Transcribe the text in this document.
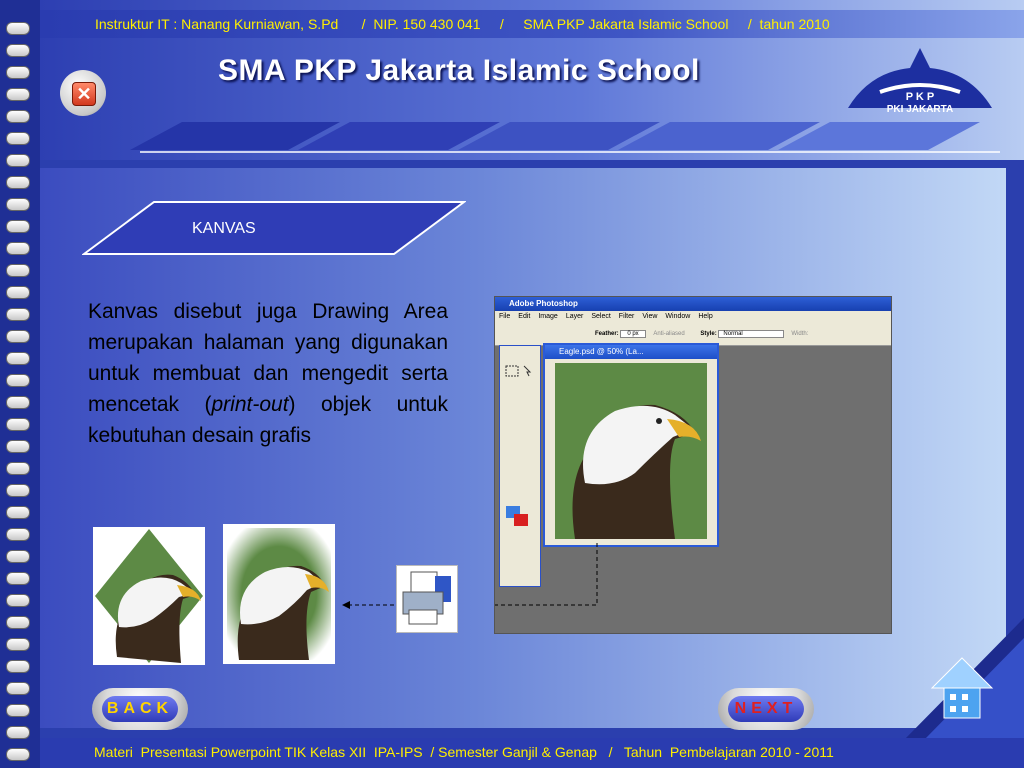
Instruktur IT : Nanang Kurniawan, S.Pd      /  NIP. 150 430 041     /     SMA PKP Jakarta Islamic School     /  tahun 2010
SMA PKP Jakarta Islamic School
✕	P K P
PKI JAKARTA
KANVAS
Kanvas disebut juga Drawing Area merupakan halaman yang digunakan untuk membuat dan mengedit serta mencetak (print-out) objek untuk kebutuhan desain grafis
Adobe Photoshop
File Edit Image Layer Select Filter View Window Help
Feather: 0 px Anti-aliased	Style: Normal	Width:
Eagle.psd @ 50% (La...
BACK	NEXT
Materi  Presentasi Powerpoint TIK Kelas XII  IPA-IPS  / Semester Ganjil & Genap   /   Tahun  Pembelajaran 2010 - 2011
